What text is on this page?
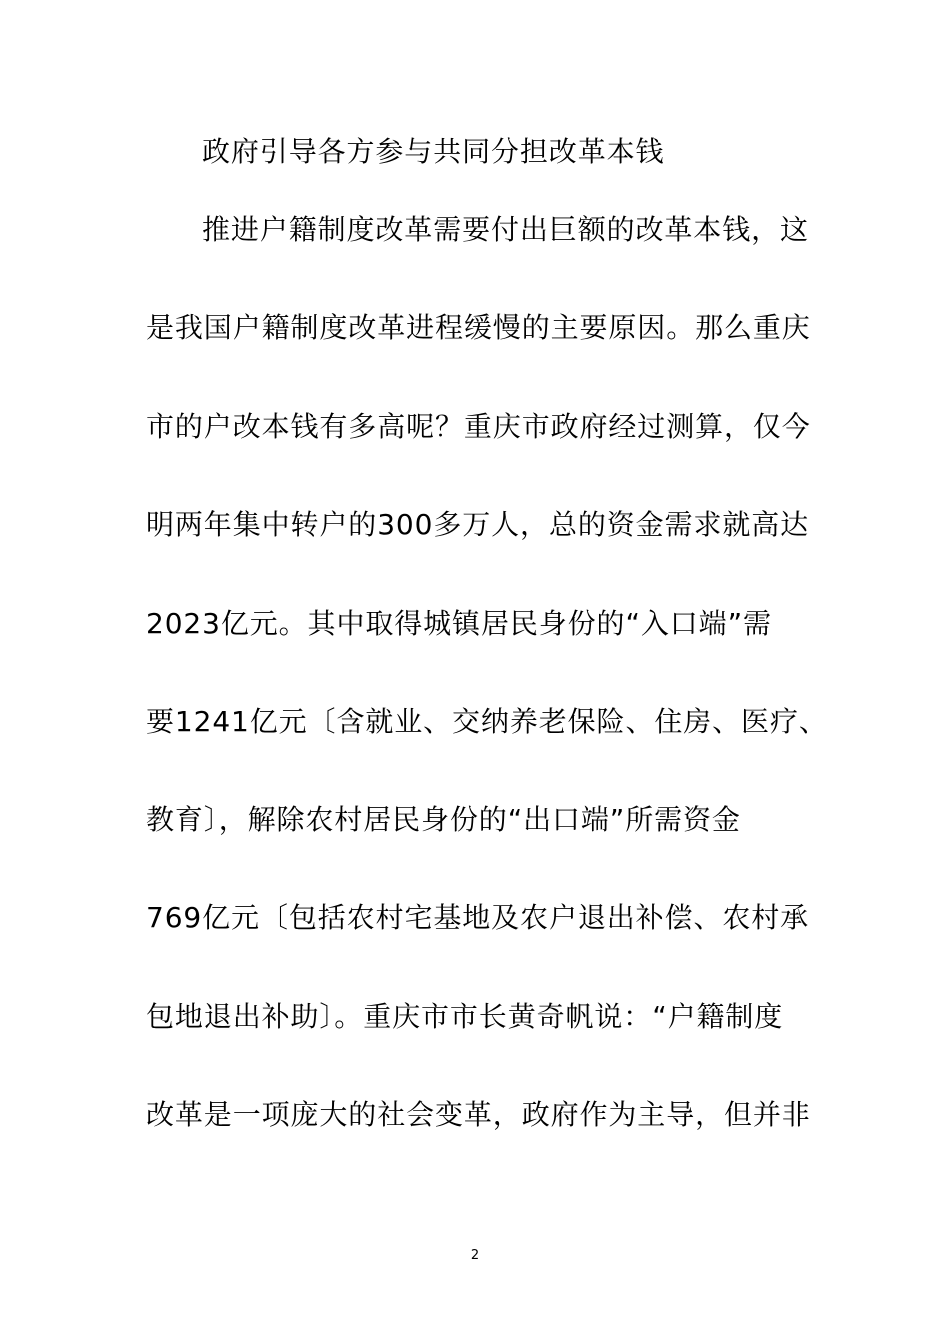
政府引导各方参与共同分担改革本钱
推进户籍制度改革需要付出巨额的改革本钱，这
是我国户籍制度改革进程缓慢的主要原因。那么重庆
市的户改本钱有多高呢？重庆市政府经过测算，仅今
明两年集中转户的300多万人，总的资金需求就高达
2023亿元。其中取得城镇居民身份的“入口端”需
要1241亿元〔含就业、交纳养老保险、住房、医疗、
教育〕，解除农村居民身份的“出口端”所需资金
769亿元〔包括农村宅基地及农户退出补偿、农村承
包地退出补助〕。重庆市市长黄奇帆说：“户籍制度
改革是一项庞大的社会变革，政府作为主导，但并非
2
